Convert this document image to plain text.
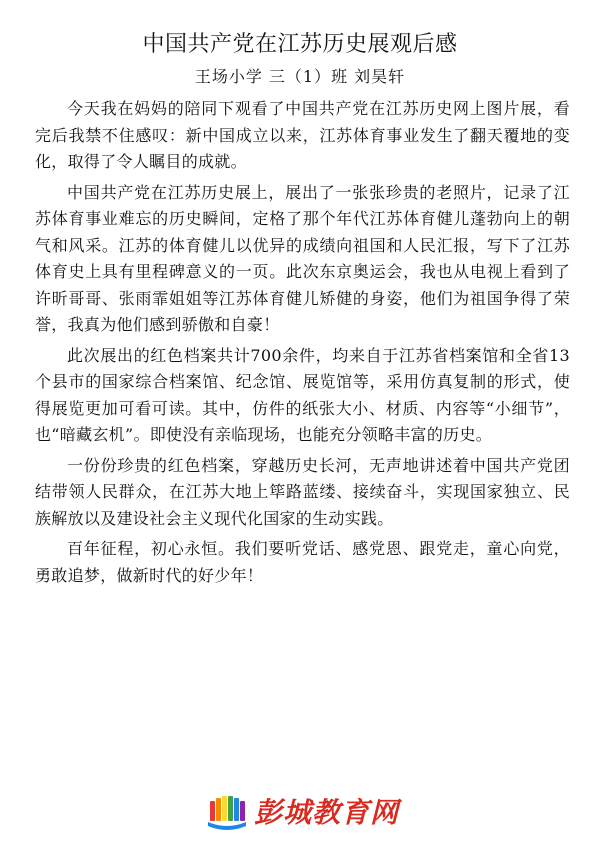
中国共产党在江苏历史展观后感
王场小学 三（1）班 刘昊轩

今天我在妈妈的陪同下观看了中国共产党在江苏历史网上图片展，看完后我禁不住感叹：新中国成立以来，江苏体育事业发生了翻天覆地的变化，取得了令人瞩目的成就。

中国共产党在江苏历史展上，展出了一张张珍贵的老照片，记录了江苏体育事业难忘的历史瞬间，定格了那个年代江苏体育健儿蓬勃向上的朝气和风采。江苏的体育健儿以优异的成绩向祖国和人民汇报，写下了江苏体育史上具有里程碑意义的一页。此次东京奥运会，我也从电视上看到了许昕哥哥、张雨霏姐姐等江苏体育健儿矫健的身姿，他们为祖国争得了荣誉，我真为他们感到骄傲和自豪！

此次展出的红色档案共计700余件，均来自于江苏省档案馆和全省13个县市的国家综合档案馆、纪念馆、展览馆等，采用仿真复制的形式，使得展览更加可看可读。其中，仿件的纸张大小、材质、内容等“小细节”，也“暗藏玄机”。即使没有亲临现场，也能充分领略丰富的历史。

一份份珍贵的红色档案，穿越历史长河，无声地讲述着中国共产党团结带领人民群众，在江苏大地上筚路蓝缕、接续奋斗，实现国家独立、民族解放以及建设社会主义现代化国家的生动实践。

百年征程，初心永恒。我们要听党话、感党恩、跟党走，童心向党，勇敢追梦，做新时代的好少年！

彭城教育网
